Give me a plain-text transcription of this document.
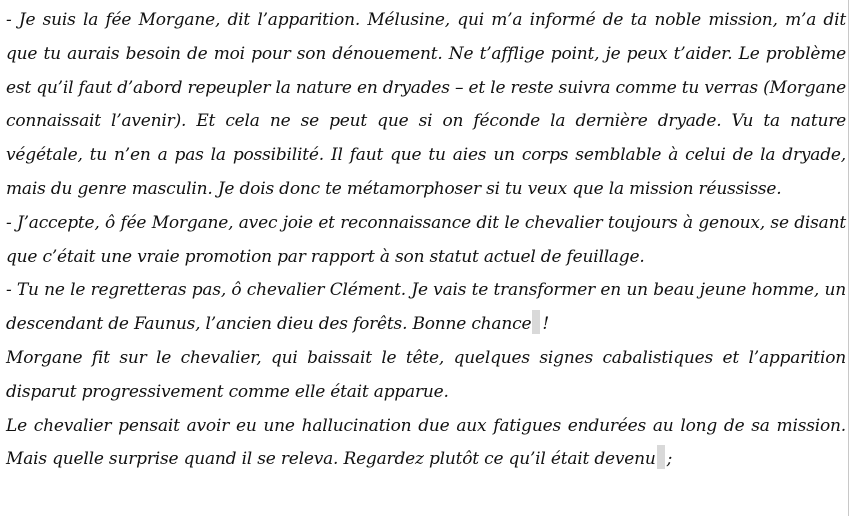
- Je suis la fée Morgane, dit l’apparition. Mélusine, qui m’a informé de ta noble mission, m’a dit que tu aurais besoin de moi pour son dénouement. Ne t’afflige point, je peux t’aider. Le problème est qu’il faut d’abord repeupler la nature en dryades – et le reste suivra comme tu verras (Morgane connaissait l’avenir). Et cela ne se peut que si on féconde la dernière dryade. Vu ta nature végétale, tu n’en a pas la possibilité. Il faut que tu aies un corps semblable à celui de la dryade, mais du genre masculin. Je dois donc te métamorphoser si tu veux que la mission réussisse.

- J’accepte, ô fée Morgane, avec joie et reconnaissance dit le chevalier toujours à genoux, se disant que c’était une vraie promotion par rapport à son statut actuel de feuillage.

- Tu ne le regretteras pas, ô chevalier Clément. Je vais te transformer en un beau jeune homme, un descendant de Faunus, l’ancien dieu des forêts. Bonne chance !

Morgane fit sur le chevalier, qui baissait le tête, quelques signes cabalistiques et l’apparition disparut progressivement comme elle était apparue.

Le chevalier pensait avoir eu une hallucination due aux fatigues endurées au long de sa mission. Mais quelle surprise quand il se releva. Regardez plutôt ce qu’il était devenu ;
